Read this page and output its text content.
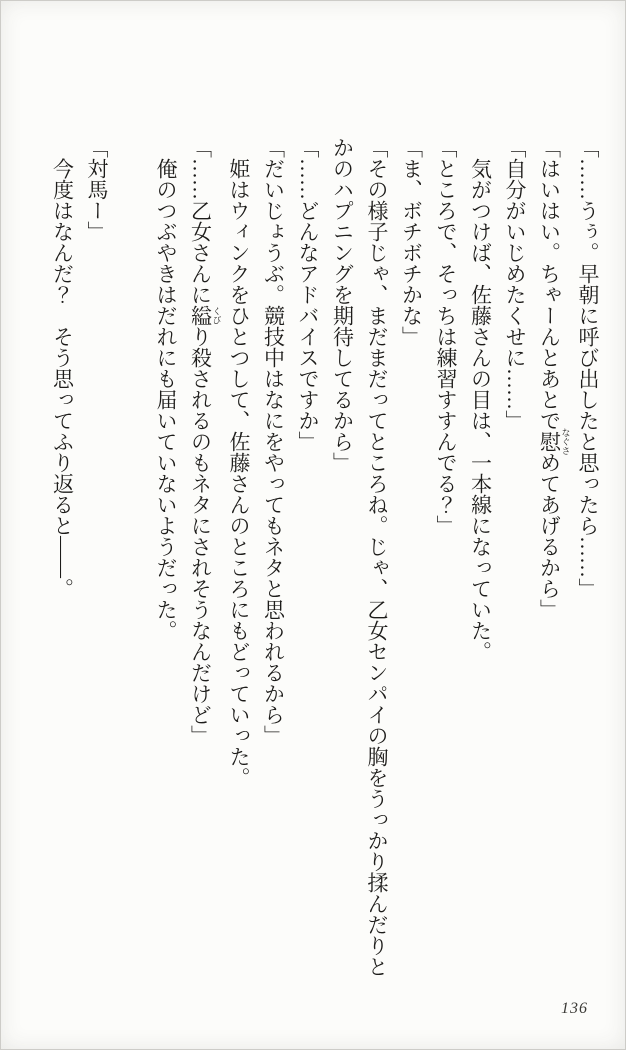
「……うぅ。早朝に呼び出したと思ったら……」

「はいはい。ちゃーんとあとで慰 なぐさめてあげるから」

「自分がいじめたくせに……」

気がつけば、佐藤さんの目は、一本線になっていた。

「ところで、そっちは練習すすんでる？」

「ま、ボチボチかな」

「その様子じゃ、まだまだってところね。じゃ、乙女センパイの胸をうっかり揉んだりと

かのハプニングを期待してるから」

「……どんなアドバイスですか」

「だいじょうぶ。競技中はなにをやってもネタと思われるから」

姫はウィンクをひとつして、佐藤さんのところにもどっていった。

「……乙女さんに縊 くびり殺されるのもネタにされそうなんだけど」

俺のつぶやきはだれにも届いていないようだった。

「対馬ー」

今度はなんだ？　そう思ってふり返ると——。

136
